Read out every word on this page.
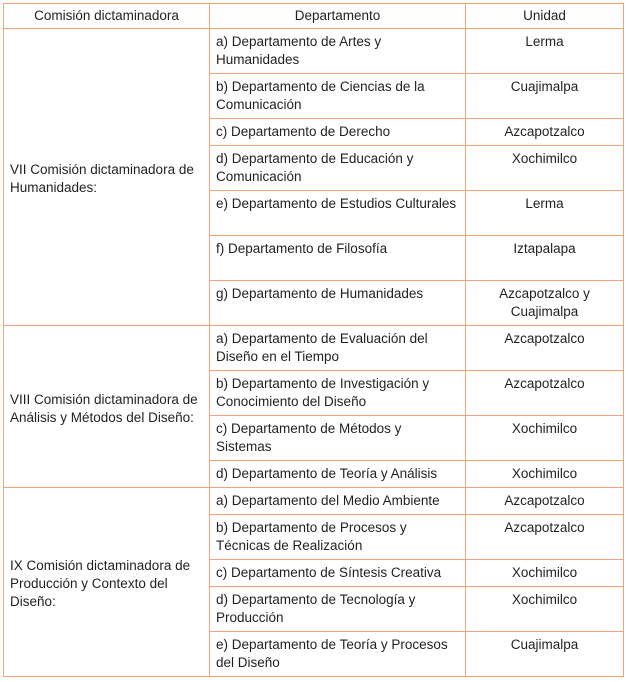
Comisión dictaminadora	Departamento	Unidad
VII Comisión dictaminadora de Humanidades:	a) Departamento de Artes y Humanidades	Lerma
	b) Departamento de Ciencias de la Comunicación	Cuajimalpa
	c) Departamento de Derecho	Azcapotzalco
	d) Departamento de Educación y Comunicación	Xochimilco
	e) Departamento de Estudios Culturales	Lerma
	f) Departamento de Filosofía	Iztapalapa
	g) Departamento de Humanidades	Azcapotzalco y Cuajimalpa
VIII Comisión dictaminadora de Análisis y Métodos del Diseño:	a) Departamento de Evaluación del Diseño en el Tiempo	Azcapotzalco
	b) Departamento de Investigación y Conocimiento del Diseño	Azcapotzalco
	c) Departamento de Métodos y Sistemas	Xochimilco
	d) Departamento de Teoría y Análisis	Xochimilco
IX Comisión dictaminadora de Producción y Contexto del Diseño:	a) Departamento del Medio Ambiente	Azcapotzalco
	b) Departamento de Procesos y Técnicas de Realización	Azcapotzalco
	c) Departamento de Síntesis Creativa	Xochimilco
	d) Departamento de Tecnología y Producción	Xochimilco
	e) Departamento de Teoría y Procesos del Diseño	Cuajimalpa
